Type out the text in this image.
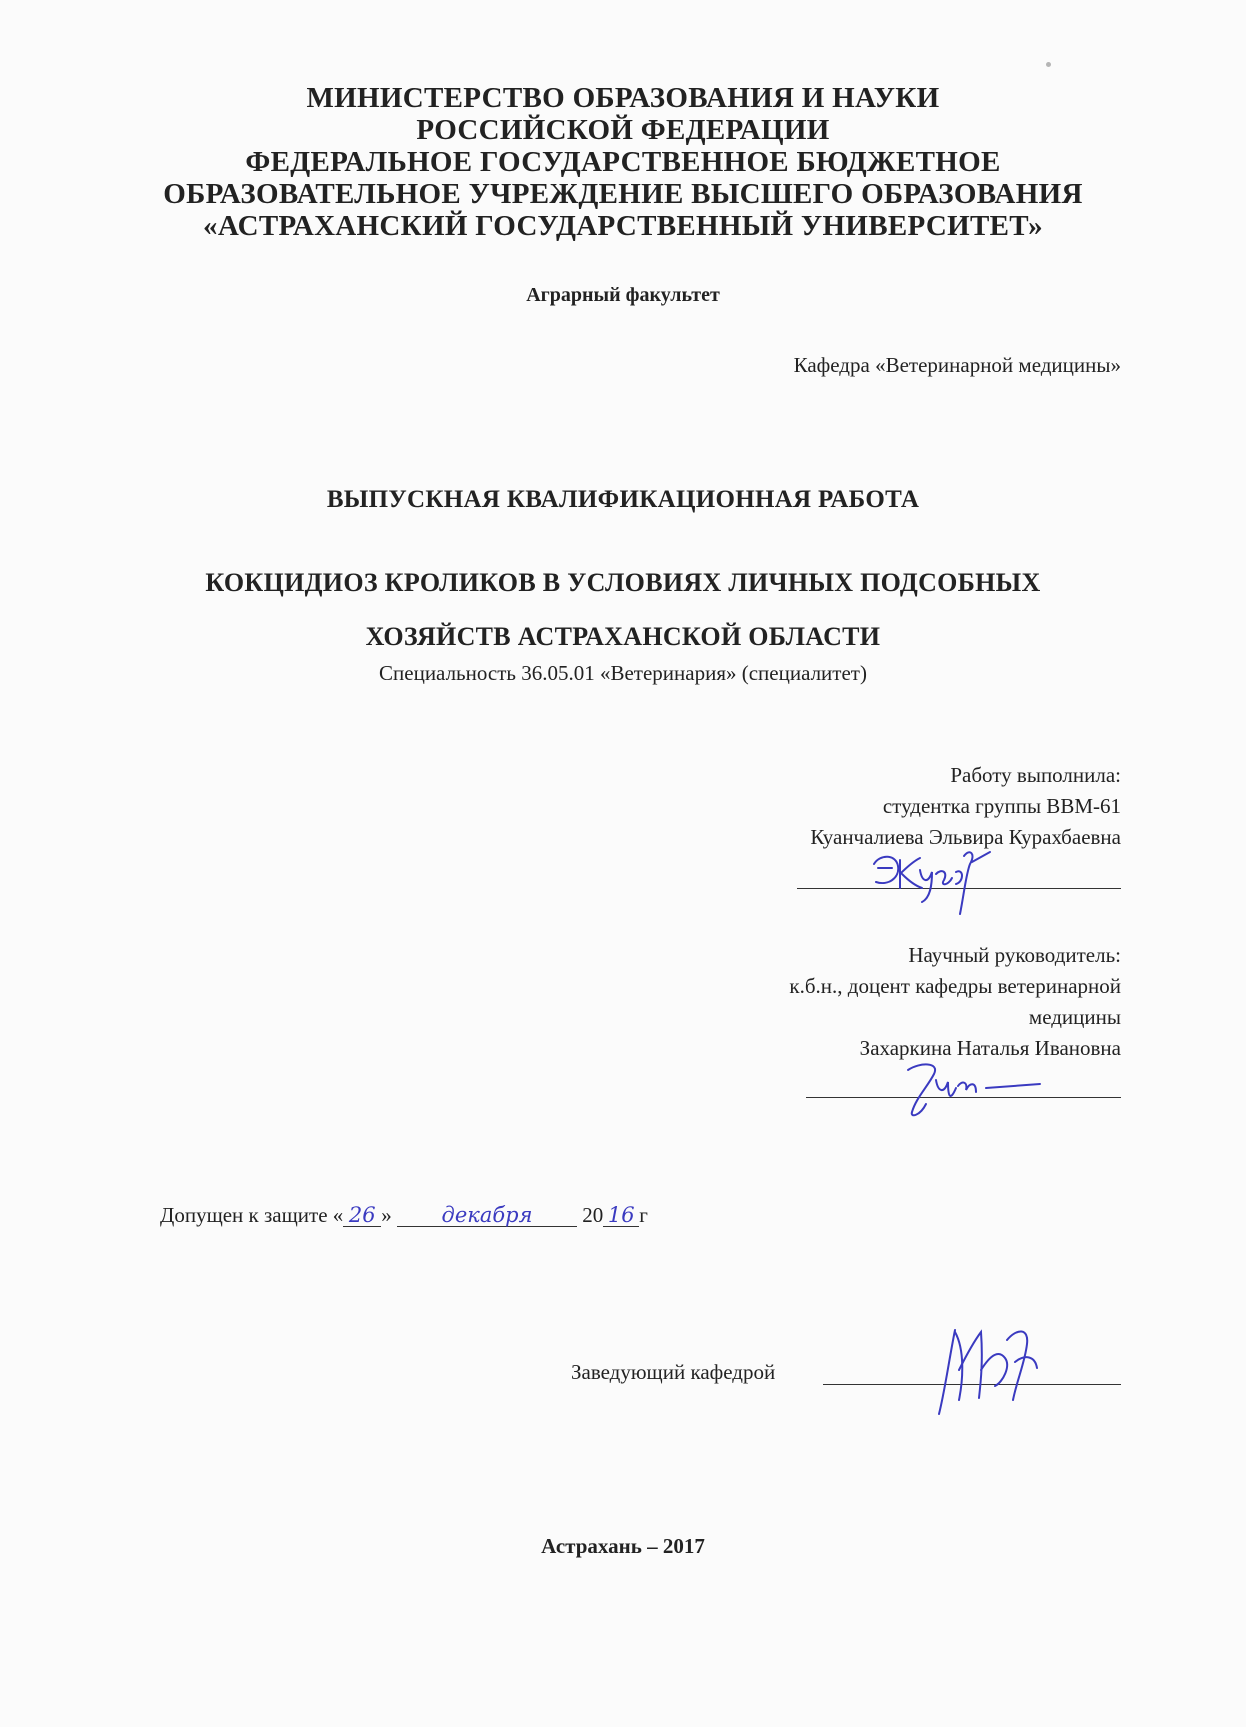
МИНИСТЕРСТВО ОБРАЗОВАНИЯ И НАУКИ
РОССИЙСКОЙ ФЕДЕРАЦИИ
ФЕДЕРАЛЬНОЕ ГОСУДАРСТВЕННОЕ БЮДЖЕТНОЕ
ОБРАЗОВАТЕЛЬНОЕ УЧРЕЖДЕНИЕ ВЫСШЕГО ОБРАЗОВАНИЯ
«АСТРАХАНСКИЙ ГОСУДАРСТВЕННЫЙ УНИВЕРСИТЕТ»
Аграрный факультет
Кафедра «Ветеринарной медицины»
ВЫПУСКНАЯ КВАЛИФИКАЦИОННАЯ РАБОТА
КОКЦИДИОЗ КРОЛИКОВ В УСЛОВИЯХ ЛИЧНЫХ ПОДСОБНЫХ
ХОЗЯЙСТВ АСТРАХАНСКОЙ ОБЛАСТИ
Специальность 36.05.01 «Ветеринария» (специалитет)
Работу выполнила:
студентка группы ВВМ-61
Куанчалиева Эльвира Курахбаевна
Научный руководитель:
к.б.н., доцент кафедры ветеринарной
медицины
Захаркина Наталья Ивановна
Допущен к защите « 26 » декабря 20 16 г
Заведующий кафедрой
Астрахань – 2017
